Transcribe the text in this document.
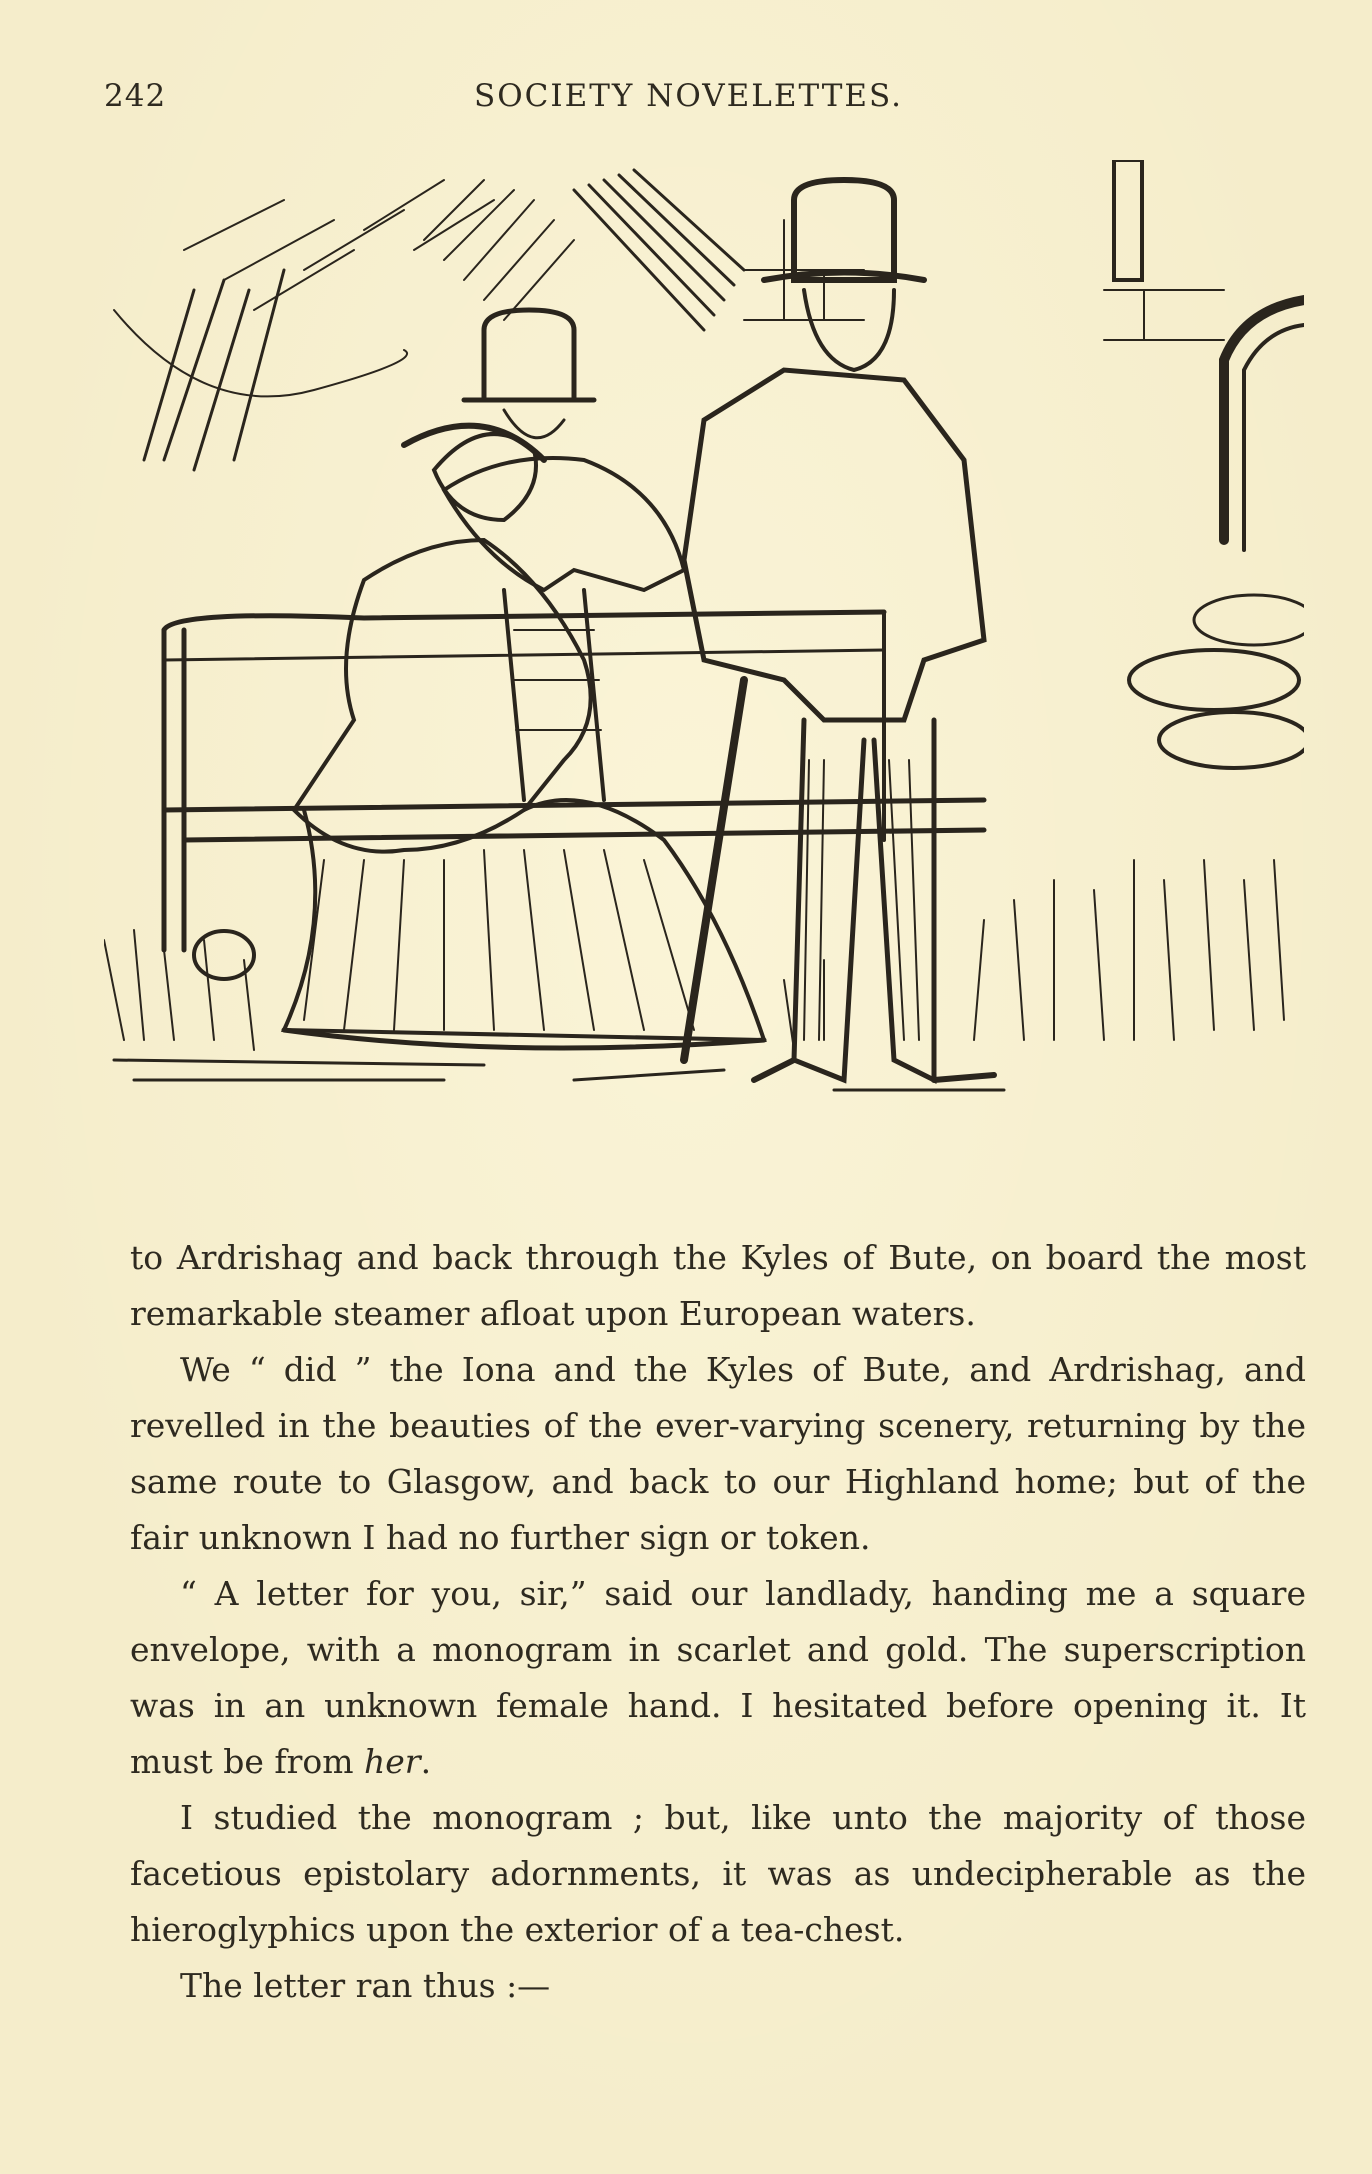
242	SOCIETY NOVELETTES.

to Ardrishag and back through the Kyles of Bute, on board the most remarkable steamer afloat upon European waters.

We “ did ” the Iona and the Kyles of Bute, and Ardrishag, and revelled in the beauties of the ever-varying scenery, returning by the same route to Glasgow, and back to our Highland home; but of the fair unknown I had no further sign or token.

“ A letter for you, sir,” said our landlady, handing me a square envelope, with a monogram in scarlet and gold. The superscription was in an unknown female hand. I hesitated before opening it. It must be from her.

I studied the monogram ; but, like unto the majority of those facetious epistolary adornments, it was as undecipherable as the hieroglyphics upon the exterior of a tea-chest.

The letter ran thus :—
